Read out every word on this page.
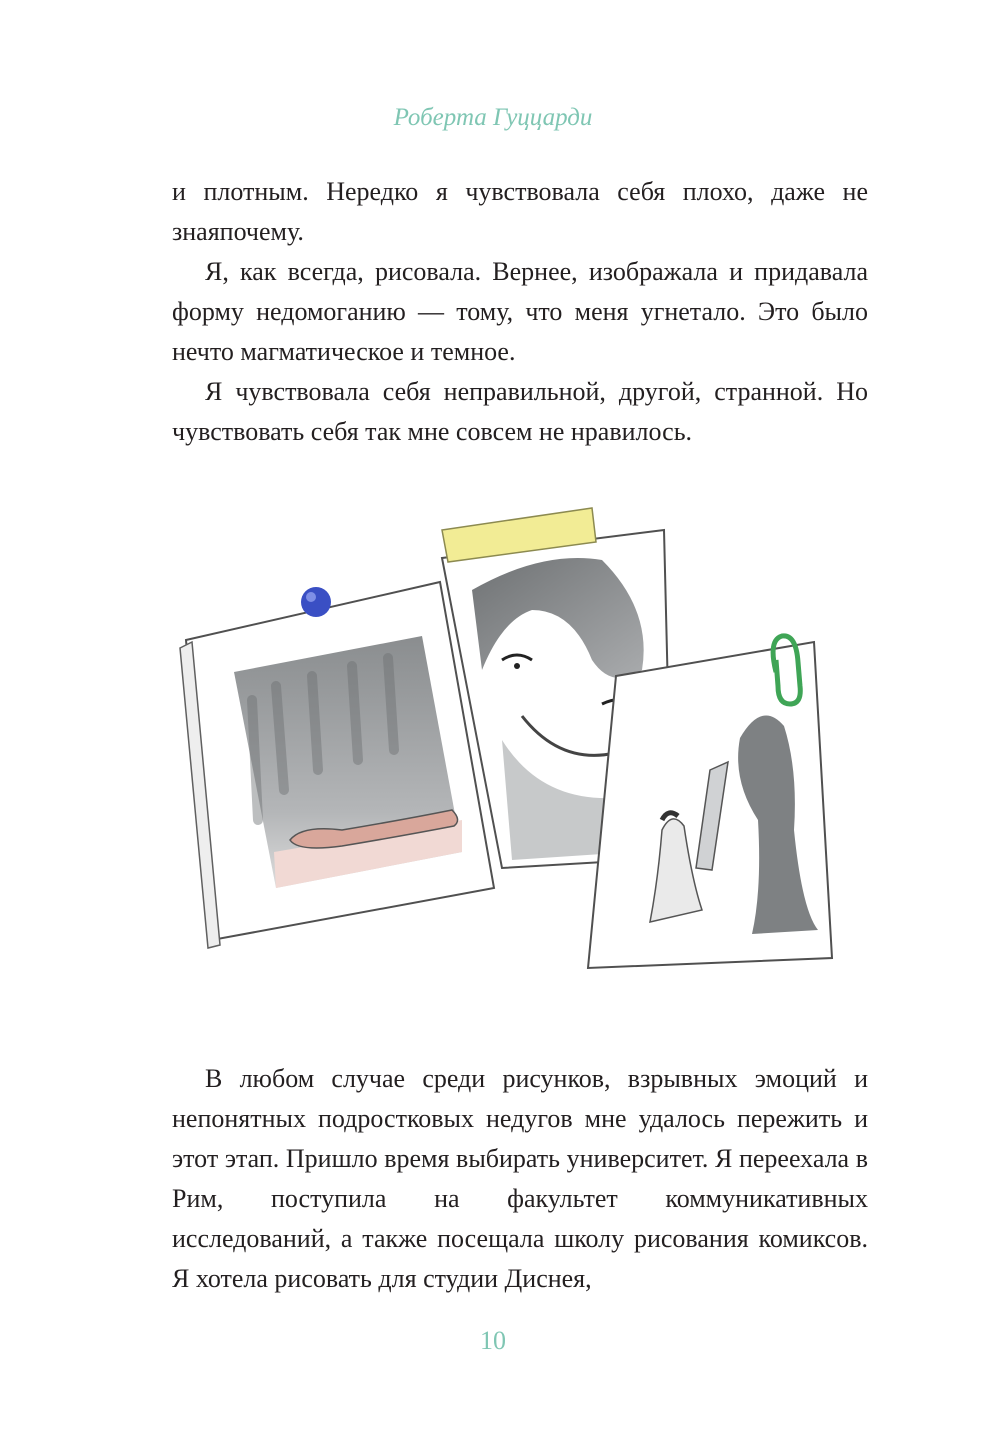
Роберта Гуццарди

и плотным. Нередко я чувствовала себя плохо, даже не знаяпочему.

Я, как всегда, рисовала. Вернее, изображала и придавала форму недомоганию — тому, что меня угнетало. Это было нечто магматическое и темное.

Я чувствовала себя неправильной, другой, странной. Но чувствовать себя так мне совсем не нравилось.

В любом случае среди рисунков, взрывных эмоций и непонятных подростковых недугов мне удалось пережить и этот этап. Пришло время выбирать университет. Я переехала в Рим, поступила на факультет коммуникативных исследований, а также посещала школу рисования комиксов. Я хотела рисовать для студии Диснея,

10
